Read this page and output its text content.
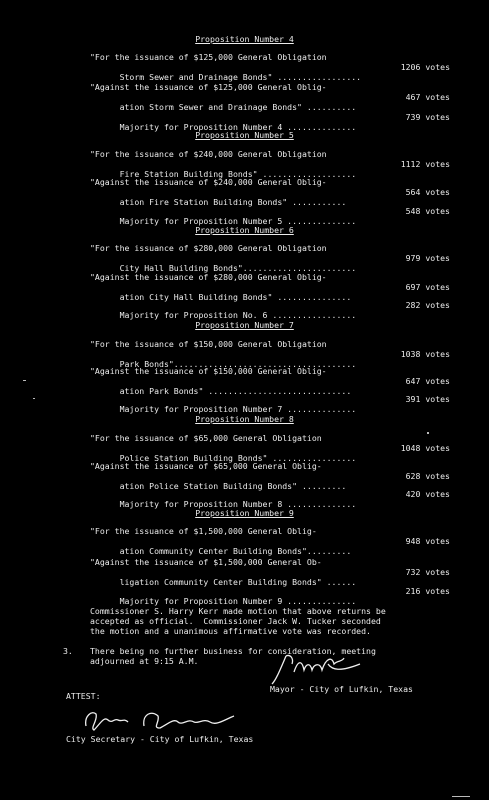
Proposition Number 4
"For the issuance of $125,000 General Obligation

Storm Sewer and Drainage Bonds" .................

1206 votes

"Against the issuance of $125,000 General Oblig-

ation Storm Sewer and Drainage Bonds" ..........

467 votes

Majority for Proposition Number 4 ..............

739 votes

Proposition Number 5
"For the issuance of $240,000 General Obligation

Fire Station Building Bonds" ...................

1112 votes

"Against the issuance of $240,000 General Oblig-

ation Fire Station Building Bonds" ...........

564 votes

Majority for Proposition Number 5 ..............

548 votes

Proposition Number 6
"For the issuance of $280,000 General Obligation

City Hall Building Bonds".......................

979 votes

"Against the issuance of $280,000 General Oblig-

ation City Hall Building Bonds" ...............

697 votes

Majority for Proposition No. 6 .................

282 votes

Proposition Number 7
"For the issuance of $150,000 General Obligation

Park Bonds".....................................

1038 votes

"Against the issuance of $150,000 General Oblig-

ation Park Bonds" .............................

647 votes

Majority for Proposition Number 7 ..............

391 votes

Proposition Number 8
"For the issuance of $65,000 General Obligation

Police Station Building Bonds" .................

1048 votes

"Against the issuance of $65,000 General Oblig-

ation Police Station Building Bonds" .........

628 votes

Majority for Proposition Number 8 ..............

420 votes

Proposition Number 9
"For the issuance of $1,500,000 General Oblig-

ation Community Center Building Bonds".........

948 votes

"Against the issuance of $1,500,000 General Ob-

ligation Community Center Building Bonds" ......

732 votes

Majority for Proposition Number 9 ..............

216 votes

Commissioner S. Harry Kerr made motion that above returns be
accepted as official.  Commissioner Jack W. Tucker seconded
the motion and a unanimous affirmative vote was recorded.
3. There being no further business for consideration, meeting
adjourned at 9:15 A.M.
Mayor - City of Lufkin, Texas
ATTEST:
City Secretary - City of Lufkin, Texas
